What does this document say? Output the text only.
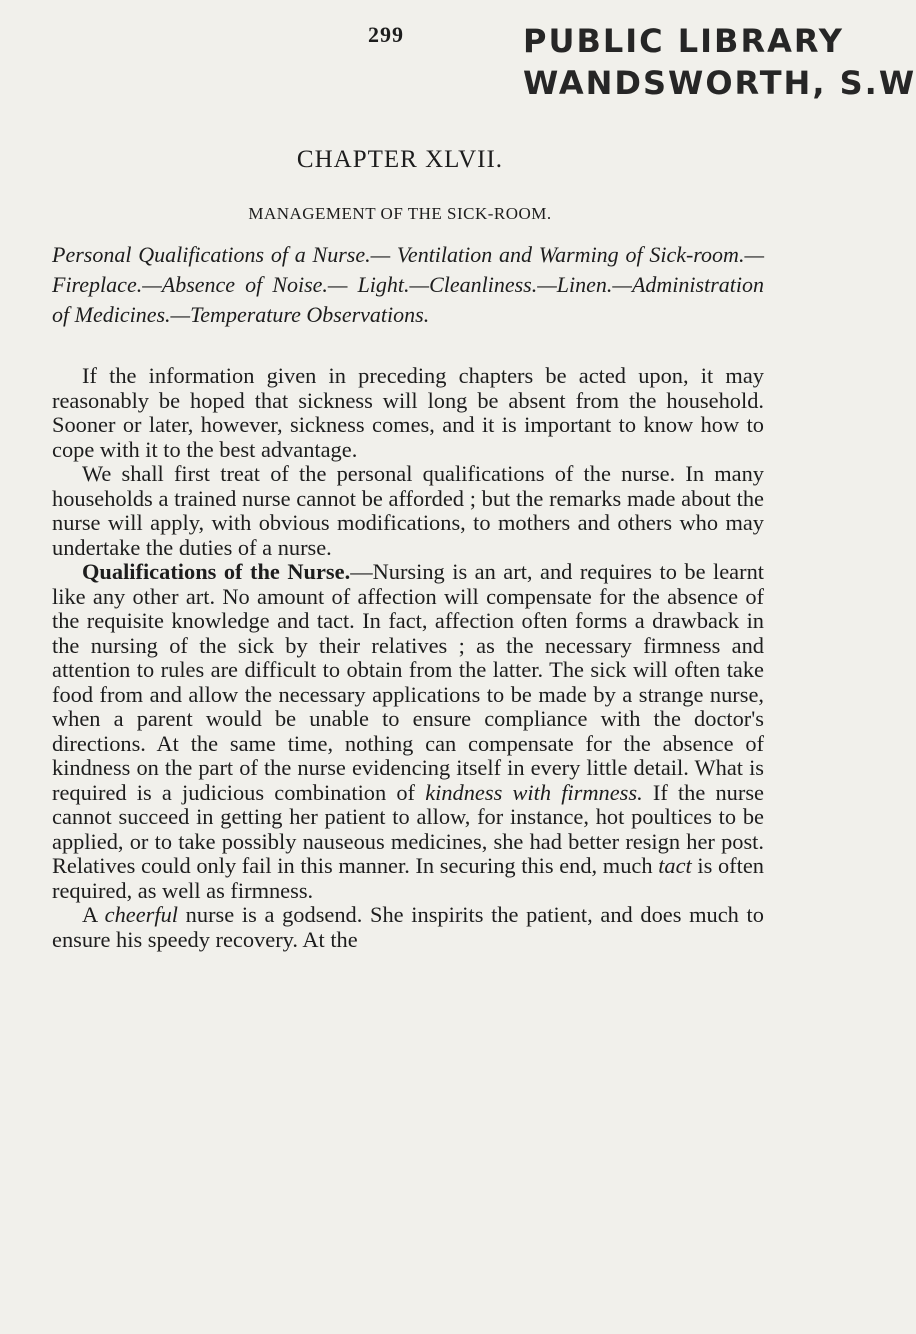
299	PUBLIC LIBRARY
WANDSWORTH, S.W
CHAPTER XLVII.
MANAGEMENT OF THE SICK-ROOM.
Personal Qualifications of a Nurse.— Ventilation and Warming of Sick-room.—Fireplace.—Absence of Noise.— Light.—Cleanliness.—Linen.—Administration of Medicines.—Temperature Observations.

If the information given in preceding chapters be acted upon, it may reasonably be hoped that sickness will long be absent from the household. Sooner or later, however, sickness comes, and it is important to know how to cope with it to the best advantage.

We shall first treat of the personal qualifications of the nurse. In many households a trained nurse cannot be afforded ; but the remarks made about the nurse will apply, with obvious modifications, to mothers and others who may undertake the duties of a nurse.

Qualifications of the Nurse.—Nursing is an art, and requires to be learnt like any other art. No amount of affection will compensate for the absence of the requisite knowledge and tact. In fact, affection often forms a drawback in the nursing of the sick by their relatives ; as the necessary firmness and attention to rules are difficult to obtain from the latter. The sick will often take food from and allow the necessary applications to be made by a strange nurse, when a parent would be unable to ensure compliance with the doctor's directions. At the same time, nothing can compensate for the absence of kindness on the part of the nurse evidencing itself in every little detail. What is required is a judicious combination of kindness with firmness. If the nurse cannot succeed in getting her patient to allow, for instance, hot poultices to be applied, or to take possibly nauseous medicines, she had better resign her post. Relatives could only fail in this manner. In securing this end, much tact is often required, as well as firmness.

A cheerful nurse is a godsend. She inspirits the patient, and does much to ensure his speedy recovery. At the
